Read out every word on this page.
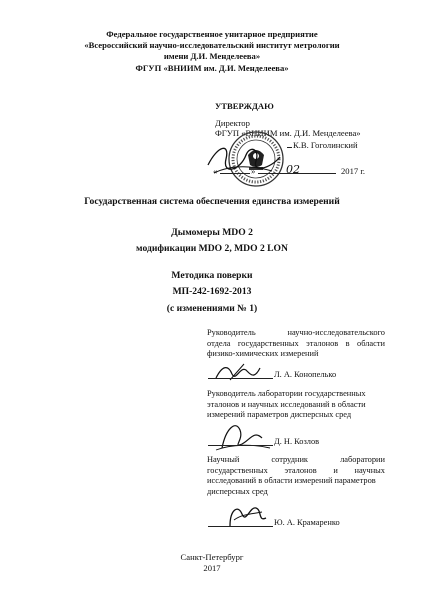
Федеральное государственное унитарное предприятие
«Всероссийский научно-исследовательский институт метрологии
имени Д.И. Менделеева»
ФГУП «ВНИИМ им. Д.И. Менделеева»
УТВЕРЖДАЮ
Директор
ФГУП «ВНИИМ им. Д.И. Менделеева»
К.В. Гоголинский
«	»	02	2017 г.
Государственная система обеспечения единства измерений
Дымомеры MDO 2
модификации MDO 2, MDO 2 LON
Методика поверки
МП-242-1692-2013
(с изменениями № 1)
Руководитель научно-исследовательского
отдела государственных эталонов в области
физико-химических измерений
Л. А. Конопелько
Руководитель лаборатории государственных
эталонов и научных исследований в области
измерений параметров дисперсных сред
Д. Н. Козлов
Научный сотрудник лаборатории
государственных эталонов и научных
исследований в области измерений параметров
дисперсных сред
Ю. А. Крамаренко
Санкт-Петербург
2017
